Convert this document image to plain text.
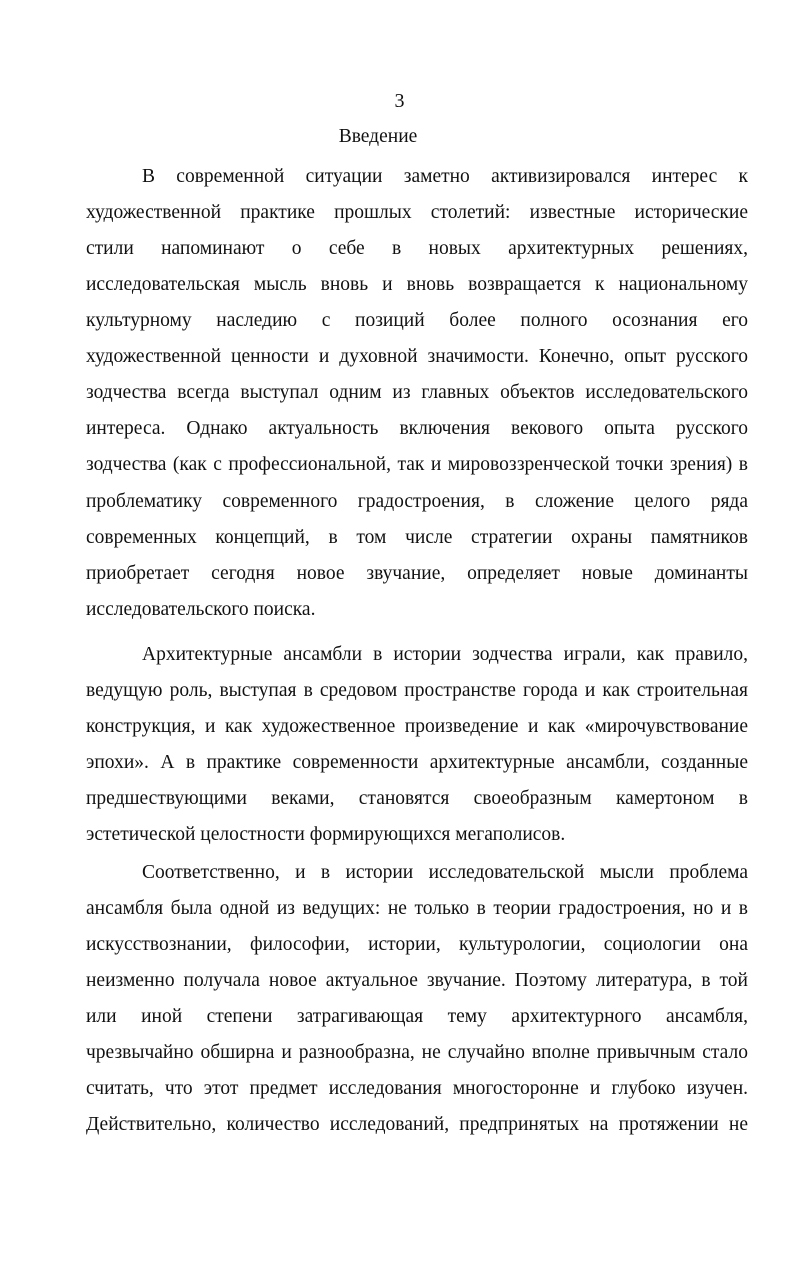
3
Введение
В современной ситуации заметно активизировался интерес к
художественной практике прошлых столетий: известные исторические
стили напоминают о себе в новых архитектурных решениях,
исследовательская мысль вновь и вновь возвращается к национальному
культурному наследию с позиций более полного осознания его
художественной ценности и духовной значимости. Конечно, опыт русского
зодчества всегда выступал одним из главных объектов исследовательского
интереса. Однако актуальность включения векового опыта русского
зодчества (как с профессиональной, так и мировоззренческой точки зрения) в
проблематику современного градостроения, в сложение целого ряда
современных концепций, в том числе стратегии охраны памятников
приобретает сегодня новое звучание, определяет новые доминанты
исследовательского поиска.
Архитектурные ансамбли в истории зодчества играли, как правило,
ведущую роль, выступая в средовом пространстве города и как строительная
конструкция, и как художественное произведение и как «мирочувствование
эпохи». А в практике современности архитектурные ансамбли, созданные
предшествующими веками, становятся своеобразным камертоном в
эстетической целостности формирующихся мегаполисов.
Соответственно, и в истории исследовательской мысли проблема
ансамбля была одной из ведущих: не только в теории градостроения, но и в
искусствознании, философии, истории, культурологии, социологии она
неизменно получала новое актуальное звучание. Поэтому литература, в той
или иной степени затрагивающая тему архитектурного ансамбля,
чрезвычайно обширна и разнообразна, не случайно вполне привычным стало
считать, что этот предмет исследования многосторонне и глубоко изучен.
Действительно, количество исследований, предпринятых на протяжении не
